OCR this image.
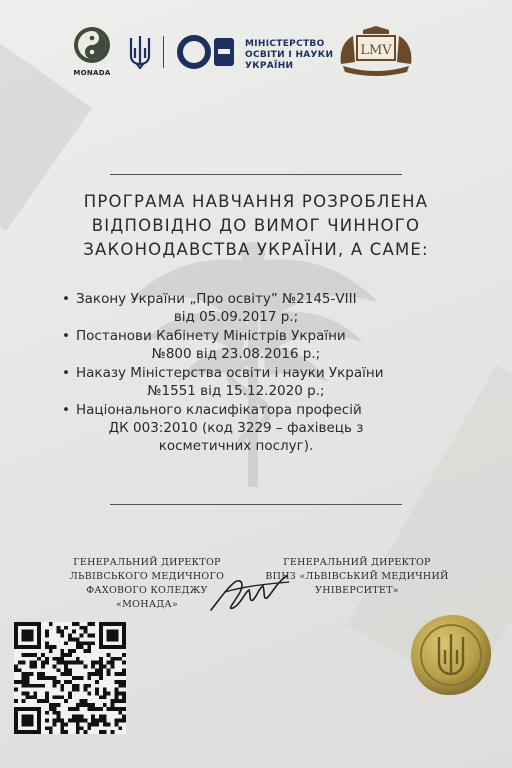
MONADA
МІНІСТЕРСТВО
ОСВІТИ І НАУКИ
УКРАЇНИ
LMV
ПРОГРАМА НАВЧАННЯ РОЗРОБЛЕНА
ВІДПОВІДНО ДО ВИМОГ ЧИННОГО
ЗАКОНОДАВСТВА УКРАЇНИ, А САМЕ:
• Закону України „Про освіту” №2145-VIII
від 05.09.2017 р.;
• Постанови Кабінету Міністрів України
№800 від 23.08.2016 р.;
• Наказу Міністерства освіти і науки України
№1551 від 15.12.2020 р.;
• Національного класифікатора професій
ДК 003:2010 (код 3229 – фахівець з
косметичних послуг).
ГЕНЕРАЛЬНИЙ ДИРЕКТОР
ЛЬВІВСЬКОГО МЕДИЧНОГО
ФАХОВОГО КОЛЕДЖУ
«МОНАДА»
ГЕНЕРАЛЬНИЙ ДИРЕКТОР
ВПНЗ «ЛЬВІВСЬКИЙ МЕДИЧНИЙ
УНІВЕРСИТЕТ»
